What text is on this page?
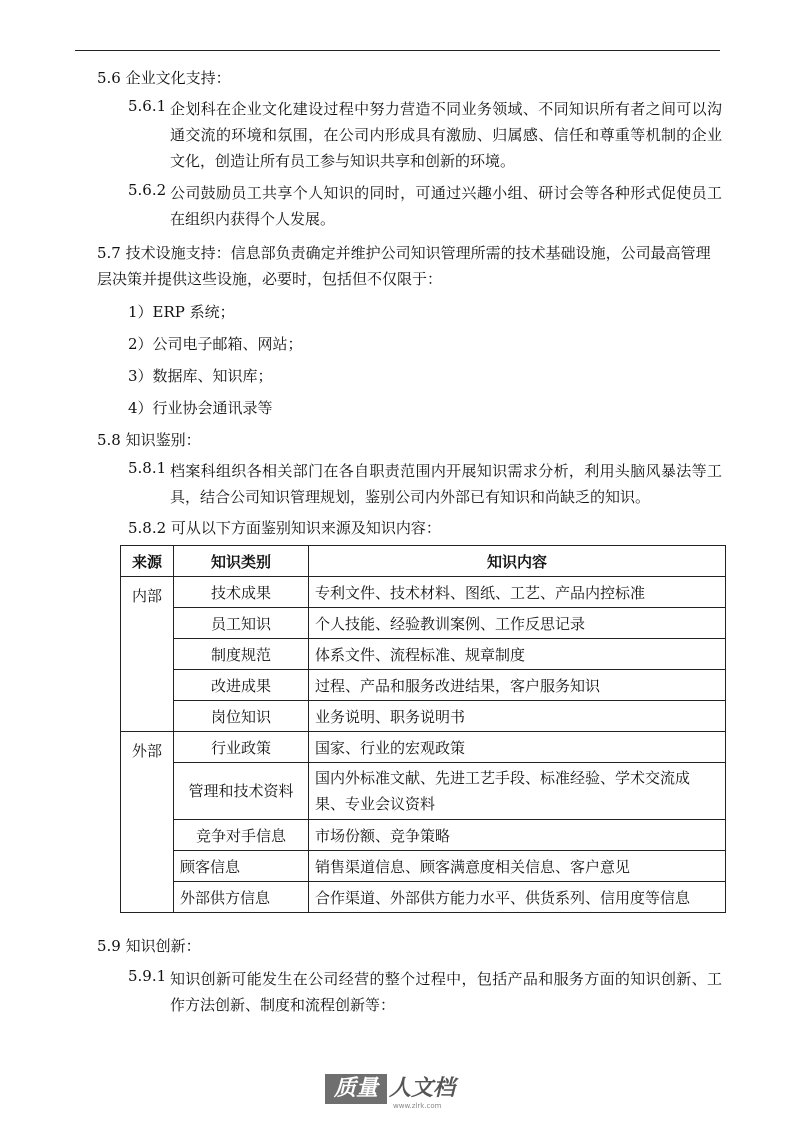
5.6 企业文化支持：
5.6.1 企划科在企业文化建设过程中努力营造不同业务领域、不同知识所有者之间可以沟通交流的环境和氛围，在公司内形成具有激励、归属感、信任和尊重等机制的企业文化，创造让所有员工参与知识共享和创新的环境。
5.6.2 公司鼓励员工共享个人知识的同时，可通过兴趣小组、研讨会等各种形式促使员工在组织内获得个人发展。
5.7 技术设施支持：信息部负责确定并维护公司知识管理所需的技术基础设施，公司最高管理层决策并提供这些设施，必要时，包括但不仅限于：
1）ERP 系统；
2）公司电子邮箱、网站；
3）数据库、知识库；
4）行业协会通讯录等
5.8 知识鉴别：
5.8.1 档案科组织各相关部门在各自职责范围内开展知识需求分析，利用头脑风暴法等工具，结合公司知识管理规划，鉴别公司内外部已有知识和尚缺乏的知识。
5.8.2 可从以下方面鉴别知识来源及知识内容：
来源	知识类别	知识内容
内部	技术成果	专利文件、技术材料、图纸、工艺、产品内控标准
	员工知识	个人技能、经验教训案例、工作反思记录
	制度规范	体系文件、流程标准、规章制度
	改进成果	过程、产品和服务改进结果，客户服务知识
	岗位知识	业务说明、职务说明书
外部	行业政策	国家、行业的宏观政策
	管理和技术资料	国内外标准文献、先进工艺手段、标准经验、学术交流成果、专业会议资料
	竞争对手信息	市场份额、竞争策略
	顾客信息	销售渠道信息、顾客满意度相关信息、客户意见
	外部供方信息	合作渠道、外部供方能力水平、供货系列、信用度等信息
5.9 知识创新：
5.9.1 知识创新可能发生在公司经营的整个过程中，包括产品和服务方面的知识创新、工作方法创新、制度和流程创新等：
质量 人文档
www.zlrk.com
